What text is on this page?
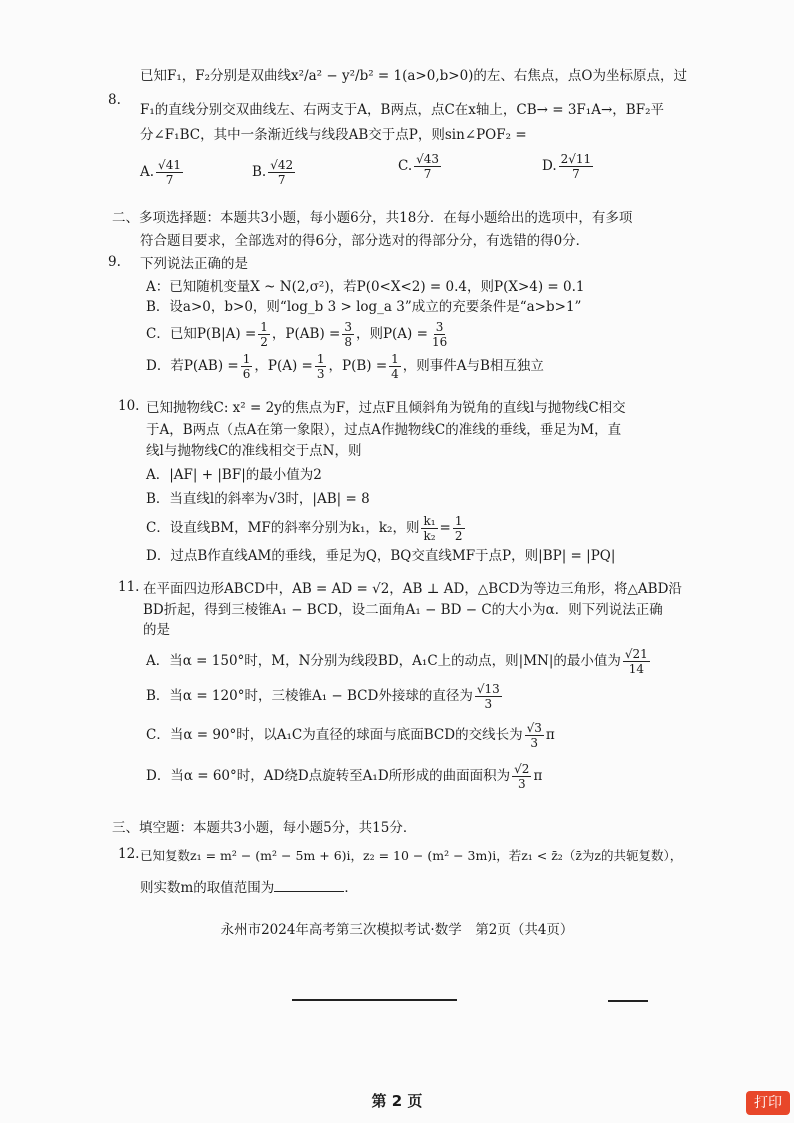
8.
已知F₁，F₂分别是双曲线x²/a² − y²/b² = 1(a>0,b>0)的左、右焦点，点O为坐标原点，过
F₁的直线分别交双曲线左、右两支于A，B两点，点C在x轴上，CB→ = 3F₁A→，BF₂平
分∠F₁BC，其中一条渐近线与线段AB交于点P，则sin∠POF₂ =
A. $\frac{√41}{7}$	B. $\frac{√42}{7}$	C. $\frac{√43}{7}$	D. $\frac{2√11}{7}$
二、多项选择题：本题共3小题，每小题6分，共18分．在每小题给出的选项中，有多项
符合题目要求，全部选对的得6分，部分选对的得部分分，有选错的得0分．
9. 下列说法正确的是
A：已知随机变量X ~ N(2,σ²)，若P(0<X<2) = 0.4，则P(X>4) = 0.1
B．设a>0，b>0，则“log_b 3 > log_a 3”成立的充要条件是“a>b>1”
C．已知$P(B|A) = \frac{1}{2}$ ，$P(AB) = \frac{3}{8}$ ，则$P(A) = \frac{3}{16}$
D．若$P(AB) = \frac{1}{6}$ ，$P(A) = \frac{1}{3}$ ，$P(B) = \frac{1}{4}$ ，则事件A与B相互独立
10. 已知抛物线C: x² = 2y的焦点为F，过点F且倾斜角为锐角的直线l与抛物线C相交
于A，B两点（点A在第一象限），过点A作抛物线C的准线的垂线，垂足为M，直
线l与抛物线C的准线相交于点N，则
A．|AF| + |BF|的最小值为2
B．当直线l的斜率为√3时，|AB| = 8
C．设直线BM，MF的斜率分别为k₁，k₂，则 $\frac{\text{k₁}}{\text{k₂}} = \frac{1}{2}$
D．过点B作直线AM的垂线，垂足为Q，BQ交直线MF于点P，则|BP| = |PQ|
11. 在平面四边形ABCD中，AB = AD = √2，AB ⊥ AD，△BCD为等边三角形，将△ABD沿
BD折起，得到三棱锥A₁ − BCD，设二面角A₁ − BD − C的大小为α．则下列说法正确
的是
A．当α = 150°时，M，N分别为线段BD，A₁C上的动点，则|MN|的最小值为 $\frac{√21}{14}$
B．当α = 120°时，三棱锥A₁ − BCD外接球的直径为 $\frac{√13}{3}$
C．当α = 90°时，以A₁C为直径的球面与底面BCD的交线长为 $\frac{√3}{3}$ π
D．当α = 60°时，AD绕D点旋转至A₁D所形成的曲面面积为 $\frac{√2}{3}$ π
三、填空题：本题共3小题，每小题5分，共15分．
12. 已知复数z₁ = m² − (m² − 5m + 6)i，z₂ = 10 − (m² − 3m)i，若z₁ < z̄₂（z̄为z的共轭复数），
则实数m的取值范围为	．
永州市2024年高考第三次模拟考试·数学　第2页（共4页）
第 2 页	打印
